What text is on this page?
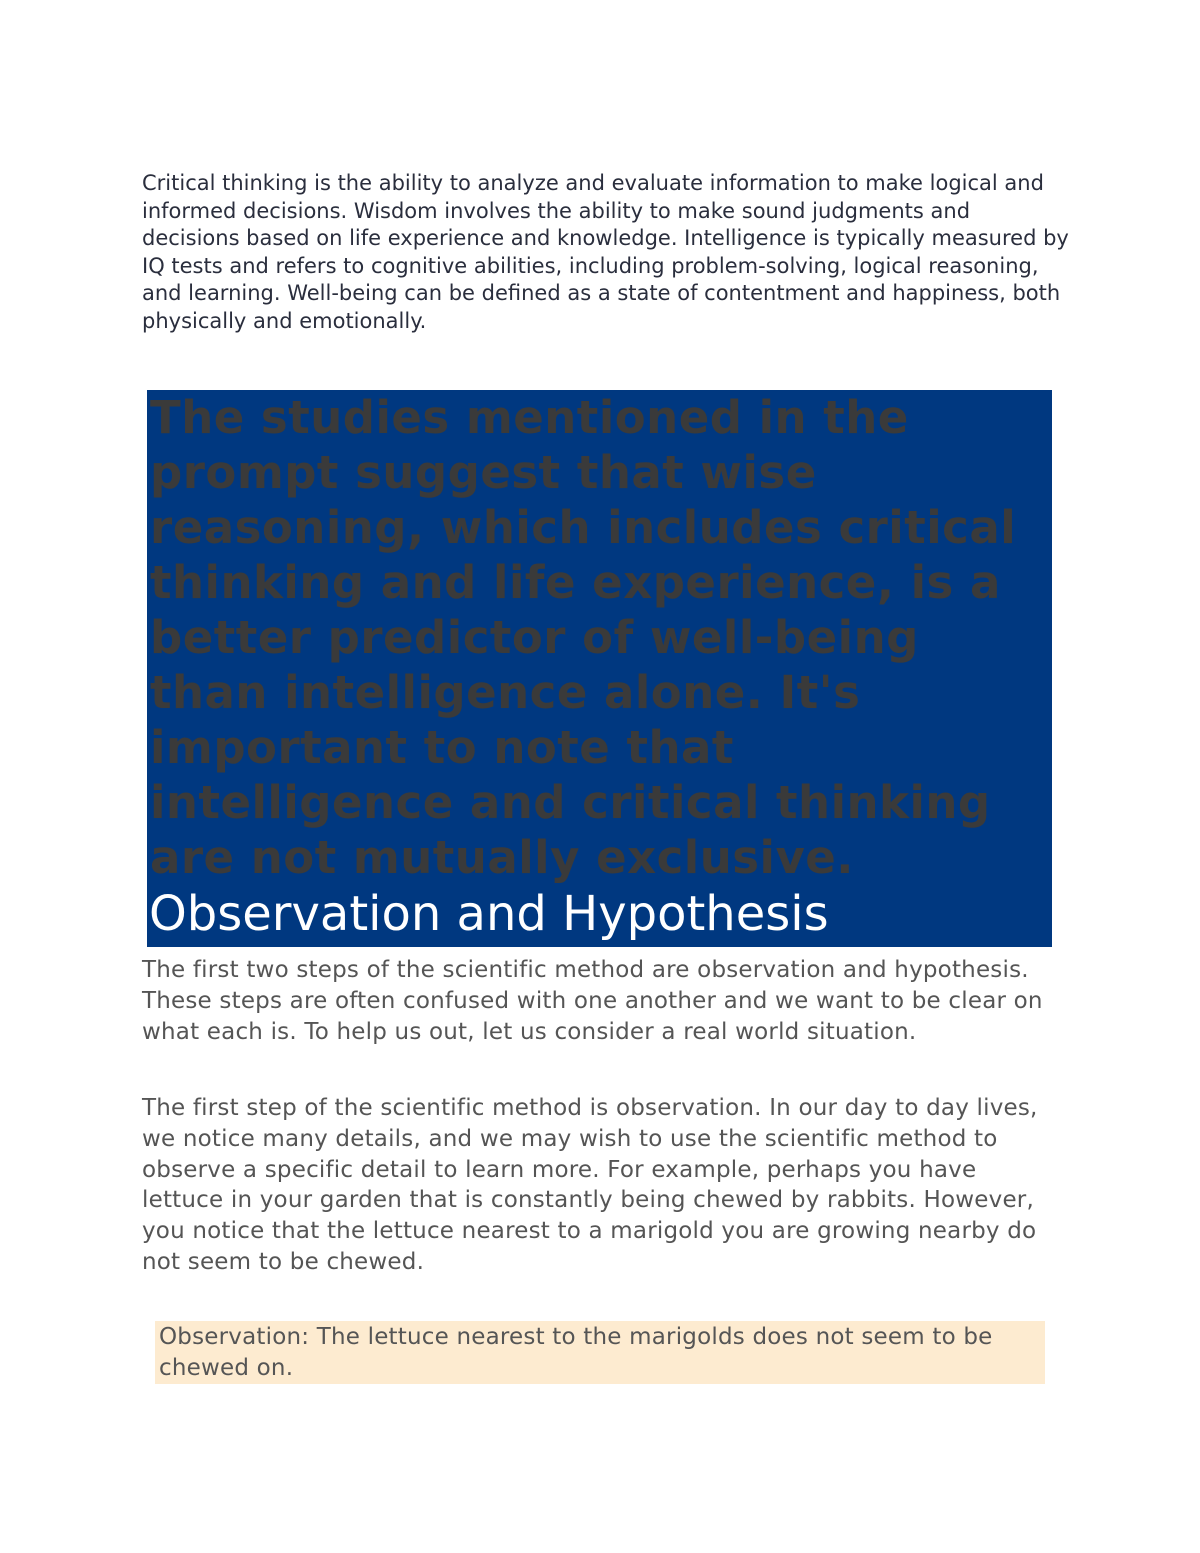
Critical thinking is the ability to analyze and evaluate information to make logical and informed decisions. Wisdom involves the ability to make sound judgments and decisions based on life experience and knowledge. Intelligence is typically measured by IQ tests and refers to cognitive abilities, including problem-solving, logical reasoning, and learning. Well-being can be defined as a state of contentment and happiness, both physically and emotionally.

The studies mentioned in the prompt suggest that wise reasoning, which includes critical thinking and life experience, is a better predictor of well-being than intelligence alone. It's important to note that intelligence and critical thinking are not mutually exclusive.

Observation and Hypothesis

The first two steps of the scientific method are observation and hypothesis. These steps are often confused with one another and we want to be clear on what each is. To help us out, let us consider a real world situation.

The first step of the scientific method is observation. In our day to day lives, we notice many details, and we may wish to use the scientific method to observe a specific detail to learn more. For example, perhaps you have lettuce in your garden that is constantly being chewed by rabbits. However, you notice that the lettuce nearest to a marigold you are growing nearby do not seem to be chewed.

Observation: The lettuce nearest to the marigolds does not seem to be chewed on.
